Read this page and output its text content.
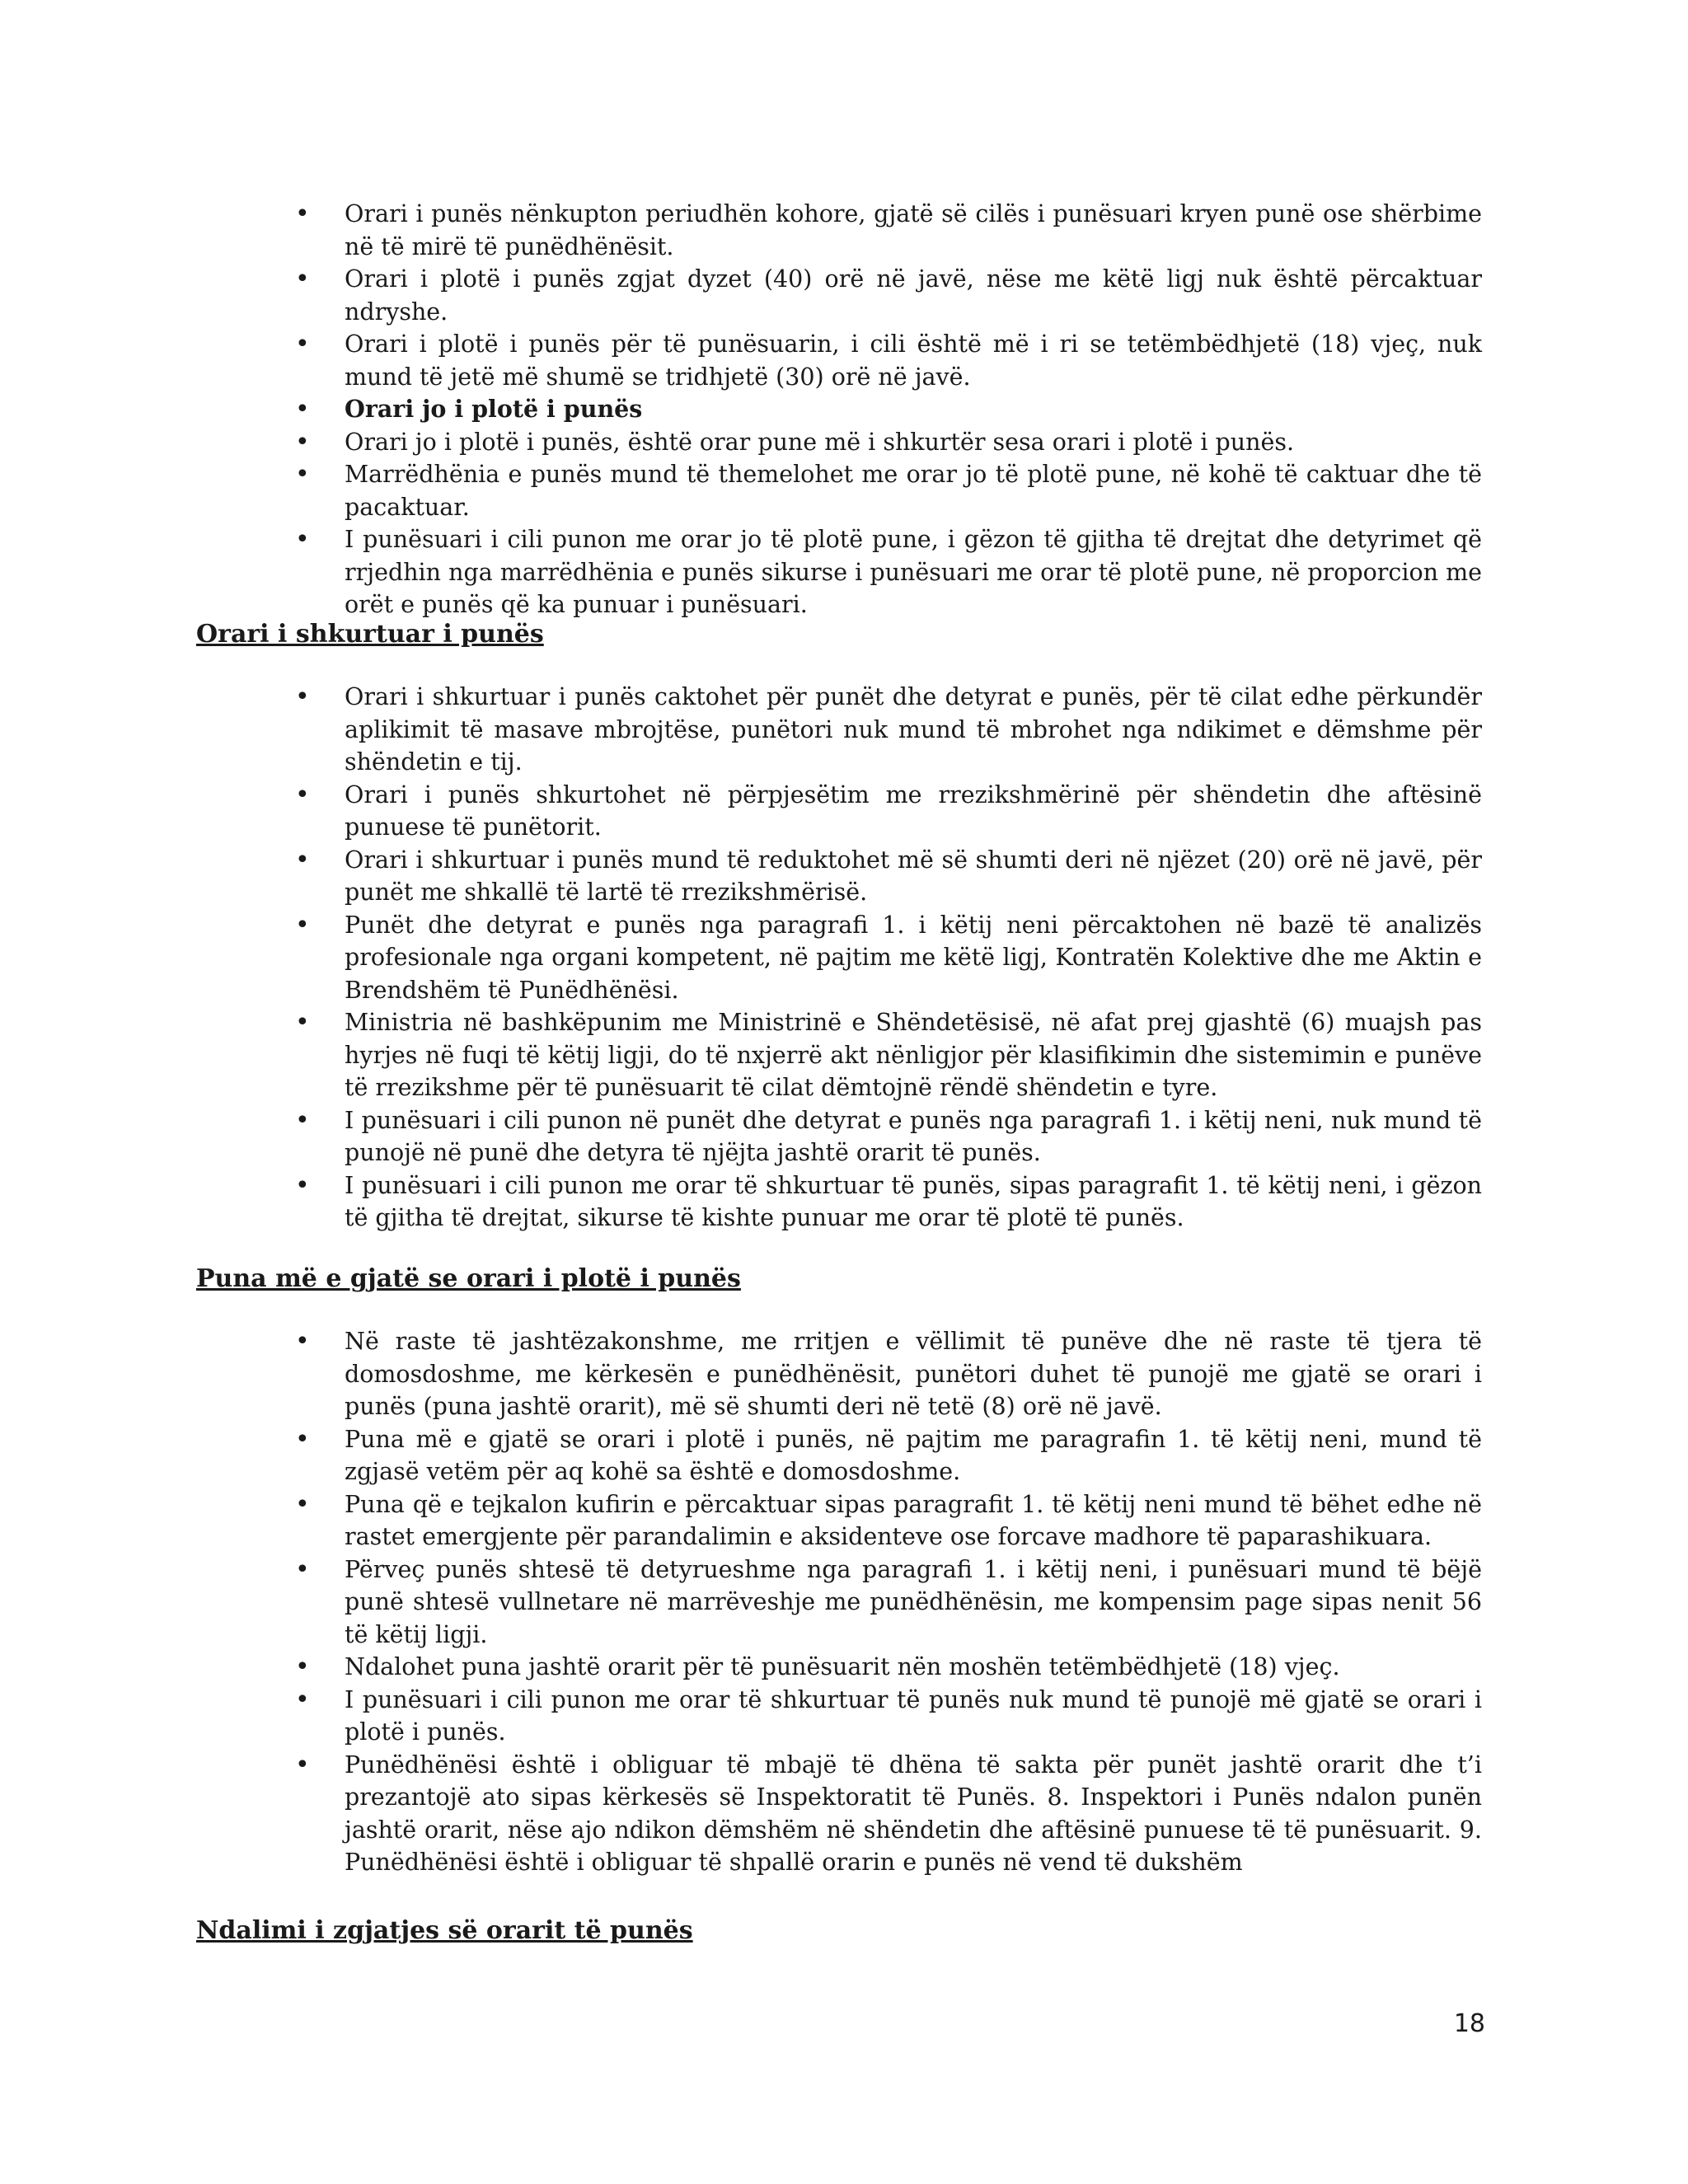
• Orari i punës nënkupton periudhën kohore, gjatë së cilës i punësuari kryen punë ose shërbime në të mirë të punëdhënësit.
• Orari i plotë i punës zgjat dyzet (40) orë në javë, nëse me këtë ligj nuk është përcaktuar ndryshe.
• Orari i plotë i punës për të punësuarin, i cili është më i ri se tetëmbëdhjetë (18) vjeç, nuk mund të jetë më shumë se tridhjetë (30) orë në javë.
• Orari jo i plotë i punës
• Orari jo i plotë i punës, është orar pune më i shkurtër sesa orari i plotë i punës.
• Marrëdhënia e punës mund të themelohet me orar jo të plotë pune, në kohë të caktuar dhe të pacaktuar.
• I punësuari i cili punon me orar jo të plotë pune, i gëzon të gjitha të drejtat dhe detyrimet që rrjedhin nga marrëdhënia e punës sikurse i punësuari me orar të plotë pune, në proporcion me orët e punës që ka punuar i punësuari.
Orari i shkurtuar i punës
• Orari i shkurtuar i punës caktohet për punët dhe detyrat e punës, për të cilat edhe përkundër aplikimit të masave mbrojtëse, punëtori nuk mund të mbrohet nga ndikimet e dëmshme për shëndetin e tij.
• Orari i punës shkurtohet në përpjesëtim me rrezikshmërinë për shëndetin dhe aftësinë punuese të punëtorit.
• Orari i shkurtuar i punës mund të reduktohet më së shumti deri në njëzet (20) orë në javë, për punët me shkallë të lartë të rrezikshmërisë.
• Punët dhe detyrat e punës nga paragrafi 1. i këtij neni përcaktohen në bazë të analizës profesionale nga organi kompetent, në pajtim me këtë ligj, Kontratën Kolektive dhe me Aktin e Brendshëm të Punëdhënësi.
• Ministria në bashkëpunim me Ministrinë e Shëndetësisë, në afat prej gjashtë (6) muajsh pas hyrjes në fuqi të këtij ligji, do të nxjerrë akt nënligjor për klasifikimin dhe sistemimin e punëve të rrezikshme për të punësuarit të cilat dëmtojnë rëndë shëndetin e tyre.
• I punësuari i cili punon në punët dhe detyrat e punës nga paragrafi 1. i këtij neni, nuk mund të punojë në punë dhe detyra të njëjta jashtë orarit të punës.
• I punësuari i cili punon me orar të shkurtuar të punës, sipas paragrafit 1. të këtij neni, i gëzon të gjitha të drejtat, sikurse të kishte punuar me orar të plotë të punës.
Puna më e gjatë se orari i plotë i punës
• Në raste të jashtëzakonshme, me rritjen e vëllimit të punëve dhe në raste të tjera të domosdoshme, me kërkesën e punëdhënësit, punëtori duhet të punojë me gjatë se orari i punës (puna jashtë orarit), më së shumti deri në tetë (8) orë në javë.
• Puna më e gjatë se orari i plotë i punës, në pajtim me paragrafin 1. të këtij neni, mund të zgjasë vetëm për aq kohë sa është e domosdoshme.
• Puna që e tejkalon kufirin e përcaktuar sipas paragrafit 1. të këtij neni mund të bëhet edhe në rastet emergjente për parandalimin e aksidenteve ose forcave madhore të paparashikuara.
• Përveç punës shtesë të detyrueshme nga paragrafi 1. i këtij neni, i punësuari mund të bëjë punë shtesë vullnetare në marrëveshje me punëdhënësin, me kompensim page sipas nenit 56 të këtij ligji.
• Ndalohet puna jashtë orarit për të punësuarit nën moshën tetëmbëdhjetë (18) vjeç.
• I punësuari i cili punon me orar të shkurtuar të punës nuk mund të punojë më gjatë se orari i plotë i punës.
• Punëdhënësi është i obliguar të mbajë të dhëna të sakta për punët jashtë orarit dhe t’i prezantojë ato sipas kërkesës së Inspektoratit të Punës. 8. Inspektori i Punës ndalon punën jashtë orarit, nëse ajo ndikon dëmshëm në shëndetin dhe aftësinë punuese të të punësuarit. 9. Punëdhënësi është i obliguar të shpallë orarin e punës në vend të dukshëm
Ndalimi i zgjatjes së orarit të punës
18
